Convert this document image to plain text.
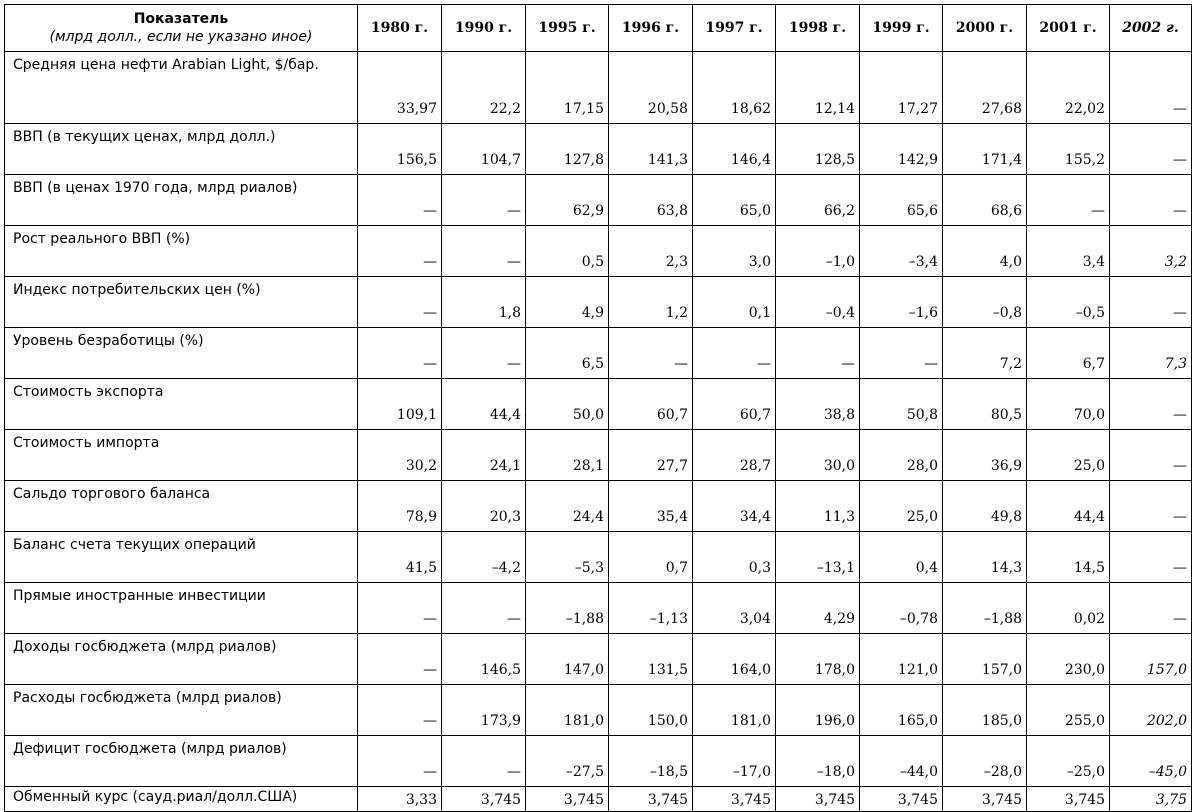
Показатель
(млрд долл., если не указано иное)	1980 г.	1990 г.	1995 г.	1996 г.	1997 г.	1998 г.	1999 г.	2000 г.	2001 г.	2002 г.
Средняя цена нефти Arabian Light, $/бар.	33,97	22,2	17,15	20,58	18,62	12,14	17,27	27,68	22,02	—
ВВП (в текущих ценах, млрд долл.)	156,5	104,7	127,8	141,3	146,4	128,5	142,9	171,4	155,2	—
ВВП (в ценах 1970 года, млрд риалов)	—	—	62,9	63,8	65,0	66,2	65,6	68,6	—	—
Рост реального ВВП (%)	—	—	0,5	2,3	3,0	–1,0	–3,4	4,0	3,4	3,2
Индекс потребительских цен (%)	—	1,8	4,9	1,2	0,1	–0,4	–1,6	–0,8	–0,5	—
Уровень безработицы (%)	—	—	6,5	—	—	—	—	7,2	6,7	7,3
Стоимость экспорта	109,1	44,4	50,0	60,7	60,7	38,8	50,8	80,5	70,0	—
Стоимость импорта	30,2	24,1	28,1	27,7	28,7	30,0	28,0	36,9	25,0	—
Сальдо торгового баланса	78,9	20,3	24,4	35,4	34,4	11,3	25,0	49,8	44,4	—
Баланс счета текущих операций	41,5	–4,2	–5,3	0,7	0,3	–13,1	0,4	14,3	14,5	—
Прямые иностранные инвестиции	—	—	–1,88	–1,13	3,04	4,29	–0,78	–1,88	0,02	—
Доходы госбюджета (млрд риалов)	—	146,5	147,0	131,5	164,0	178,0	121,0	157,0	230,0	157,0
Расходы госбюджета (млрд риалов)	—	173,9	181,0	150,0	181,0	196,0	165,0	185,0	255,0	202,0
Дефицит госбюджета (млрд риалов)	—	—	–27,5	–18,5	–17,0	–18,0	–44,0	–28,0	–25,0	–45,0
Обменный курс (сауд.риал/долл.США)	3,33	3,745	3,745	3,745	3,745	3,745	3,745	3,745	3,745	3,75
